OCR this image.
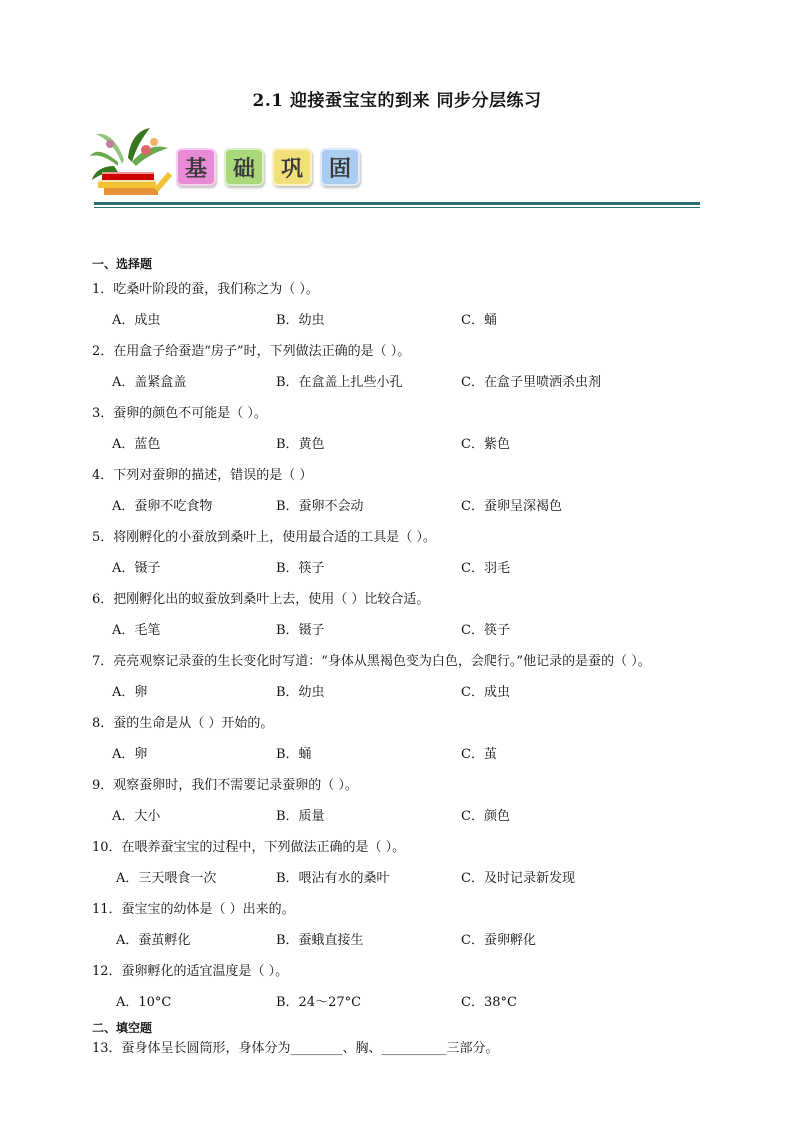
2.1 迎接蚕宝宝的到来 同步分层练习
基	础	巩	固
一、选择题
1．吃桑叶阶段的蚕，我们称之为（ ）。
A．成虫	B．幼虫	C．蛹
2．在用盒子给蚕造“房子”时，下列做法正确的是（ ）。
A．盖紧盒盖	B．在盒盖上扎些小孔	C．在盒子里喷洒杀虫剂
3．蚕卵的颜色不可能是（ ）。
A．蓝色	B．黄色	C．紫色
4．下列对蚕卵的描述，错误的是（ ）
A．蚕卵不吃食物	B．蚕卵不会动	C．蚕卵呈深褐色
5．将刚孵化的小蚕放到桑叶上，使用最合适的工具是（ ）。
A．镊子	B．筷子	C．羽毛
6．把刚孵化出的蚁蚕放到桑叶上去，使用（ ）比较合适。
A．毛笔	B．镊子	C．筷子
7．亮亮观察记录蚕的生长变化时写道：“身体从黑褐色变为白色，会爬行。”他记录的是蚕的（ ）。
A．卵	B．幼虫	C．成虫
8．蚕的生命是从（ ）开始的。
A．卵	B．蛹	C．茧
9．观察蚕卵时，我们不需要记录蚕卵的（ ）。
A．大小	B．质量	C．颜色
10．在喂养蚕宝宝的过程中，下列做法正确的是（ ）。
A．三天喂食一次	B．喂沾有水的桑叶	C．及时记录新发现
11．蚕宝宝的幼体是（ ）出来的。
A．蚕茧孵化	B．蚕蛾直接生	C．蚕卵孵化
12．蚕卵孵化的适宜温度是（ ）。
A．10°C	B．24～27°C	C．38°C
二、填空题
13．蚕身体呈长圆筒形，身体分为________、胸、__________三部分。
